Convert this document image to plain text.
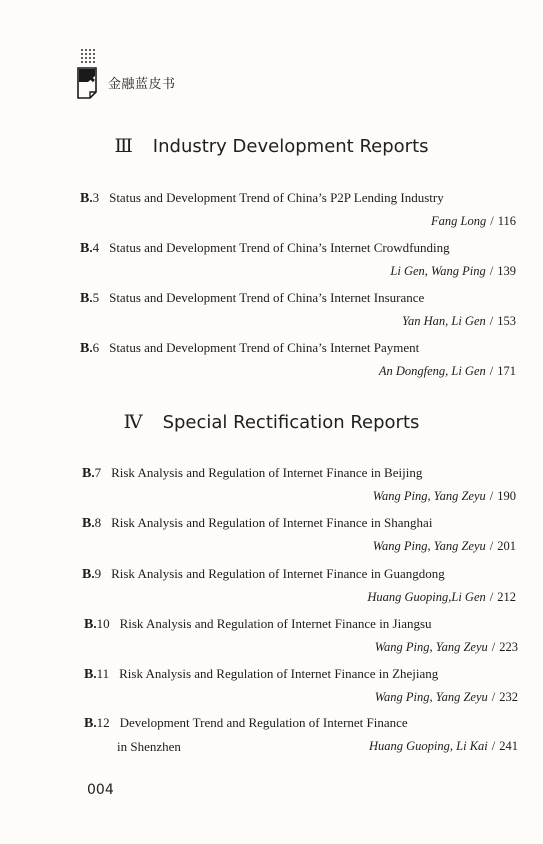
金融蓝皮书
Ⅲ Industry Development Reports
B.3 Status and Development Trend of China’s P2P Lending Industry
Fang Long / 116
B.4 Status and Development Trend of China’s Internet Crowdfunding
Li Gen, Wang Ping / 139
B.5 Status and Development Trend of China’s Internet Insurance
Yan Han, Li Gen / 153
B.6 Status and Development Trend of China’s Internet Payment
An Dongfeng, Li Gen / 171
Ⅳ Special Rectification Reports
B.7 Risk Analysis and Regulation of Internet Finance in Beijing
Wang Ping, Yang Zeyu / 190
B.8 Risk Analysis and Regulation of Internet Finance in Shanghai
Wang Ping, Yang Zeyu / 201
B.9 Risk Analysis and Regulation of Internet Finance in Guangdong
Huang Guoping,Li Gen / 212
B.10 Risk Analysis and Regulation of Internet Finance in Jiangsu
Wang Ping, Yang Zeyu / 223
B.11 Risk Analysis and Regulation of Internet Finance in Zhejiang
Wang Ping, Yang Zeyu / 232
B.12 Development Trend and Regulation of Internet Finance
in Shenzhen	Huang Guoping, Li Kai / 241
004
